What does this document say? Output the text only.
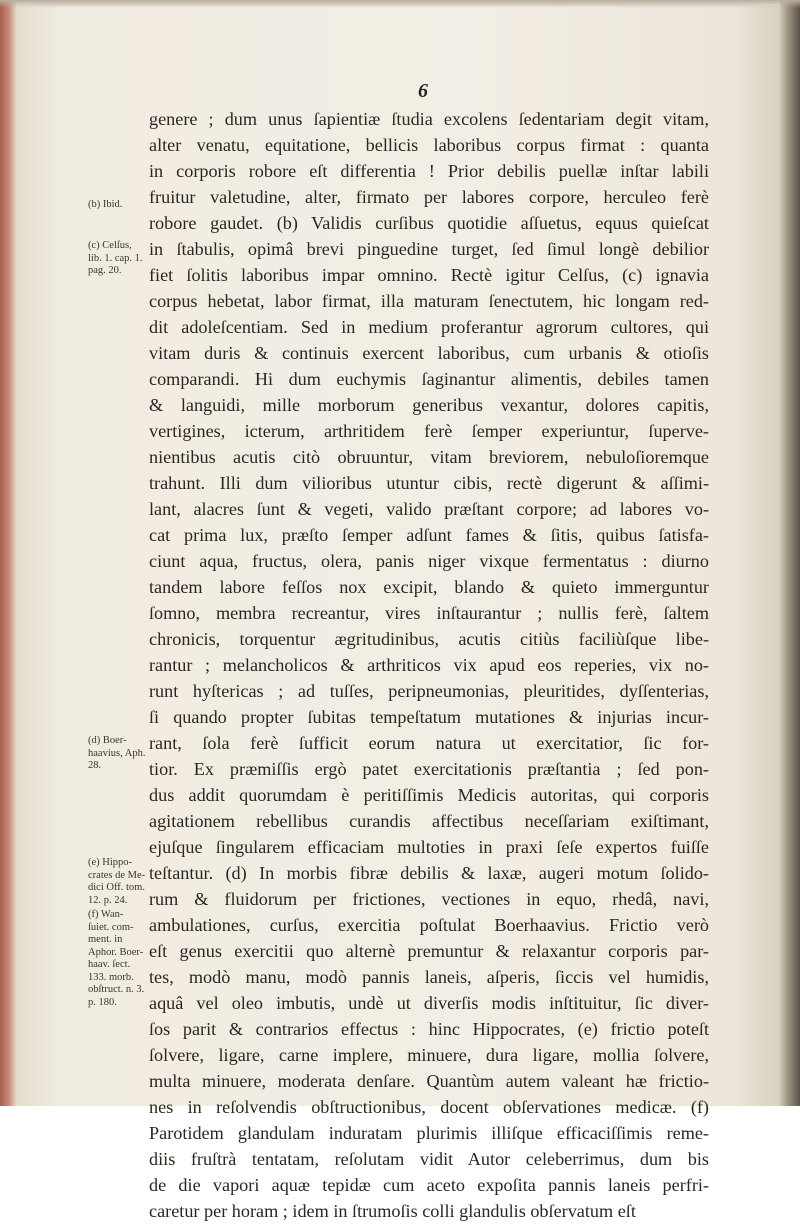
6
genere ; dum unus ſapientiæ ſtudia excolens ſedentariam degit vitam,
alter venatu, equitatione, bellicis laboribus corpus firmat : quanta
in corporis robore eſt differentia ! Prior debilis puellæ inſtar labili
fruitur valetudine, alter, firmato per labores corpore, herculeo ferè
robore gaudet. (b) Validis curſibus quotidie aſſuetus, equus quieſcat
in ſtabulis, opimâ brevi pinguedine turget, ſed ſimul longè debilior
fiet ſolitis laboribus impar omnino. Rectè igitur Celſus, (c) ignavia
corpus hebetat, labor firmat, illa maturam ſenectutem, hic longam red-
dit adoleſcentiam. Sed in medium proferantur agrorum cultores, qui
vitam duris & continuis exercent laboribus, cum urbanis & otioſis
comparandi. Hi dum euchymis ſaginantur alimentis, debiles tamen
& languidi, mille morborum generibus vexantur, dolores capitis,
vertigines, icterum, arthritidem ferè ſemper experiuntur, ſuperve-
nientibus acutis citò obruuntur, vitam breviorem, nebuloſioremque
trahunt. Illi dum vilioribus utuntur cibis, rectè digerunt & aſſimi-
lant, alacres ſunt & vegeti, valido præſtant corpore; ad labores vo-
cat prima lux, præſto ſemper adſunt fames & ſitis, quibus ſatisfa-
ciunt aqua, fructus, olera, panis niger vixque fermentatus : diurno
tandem labore feſſos nox excipit, blando & quieto immerguntur
ſomno, membra recreantur, vires inſtaurantur ; nullis ferè, ſaltem
chronicis, torquentur ægritudinibus, acutis citiùs faciliùſque libe-
rantur ; melancholicos & arthriticos vix apud eos reperies, vix no-
runt hyſtericas ; ad tuſſes, peripneumonias, pleuritides, dyſſenterias,
ſi quando propter ſubitas tempeſtatum mutationes & injurias incur-
rant, ſola ferè ſufficit eorum natura ut exercitatior, ſic for-
tior. Ex præmiſſis ergò patet exercitationis præſtantia ; ſed pon-
dus addit quorumdam è peritiſſimis Medicis autoritas, qui corporis
agitationem rebellibus curandis affectibus neceſſariam exiſtimant,
ejuſque ſingularem efficaciam multoties in praxi ſeſe expertos fuiſſe
teſtantur. (d) In morbis fibræ debilis & laxæ, augeri motum ſolido-
rum & fluidorum per frictiones, vectiones in equo, rhedâ, navi,
ambulationes, curſus, exercitia poſtulat Boerhaavius. Frictio verò
eſt genus exercitii quo alternè premuntur & relaxantur corporis par-
tes, modò manu, modò pannis laneis, aſperis, ſiccis vel humidis,
aquâ vel oleo imbutis, undè ut diverſis modis inſtituitur, ſic diver-
ſos parit & contrarios effectus : hinc Hippocrates, (e) frictio poteſt
ſolvere, ligare, carne implere, minuere, dura ligare, mollia ſolvere,
multa minuere, moderata denſare. Quantùm autem valeant hæ frictio-
nes in reſolvendis obſtructionibus, docent obſervationes medicæ. (f)
Parotidem glandulam induratam plurimis illiſque efficaciſſimis reme-
diis fruſtrà tentatam, reſolutam vidit Autor celeberrimus, dum bis
de die vapori aquæ tepidæ cum aceto expoſita pannis laneis perfri-
caretur per horam ; idem in ſtrumoſis colli glandulis obſervatum eſt
(b) Ibid.
(c) Celſus,
lib. 1. cap. 1.
pag. 20.
(d) Boer-
haavius, Aph.
28.
(e) Hippo-
crates de Me-
dici Off. tom.
12. p. 24.
(f) Wan-
ſuiet. com-
ment. in
Aphor. Boer-
haav. ſect.
133. morb.
obſtruct. n. 3.
p. 180.
